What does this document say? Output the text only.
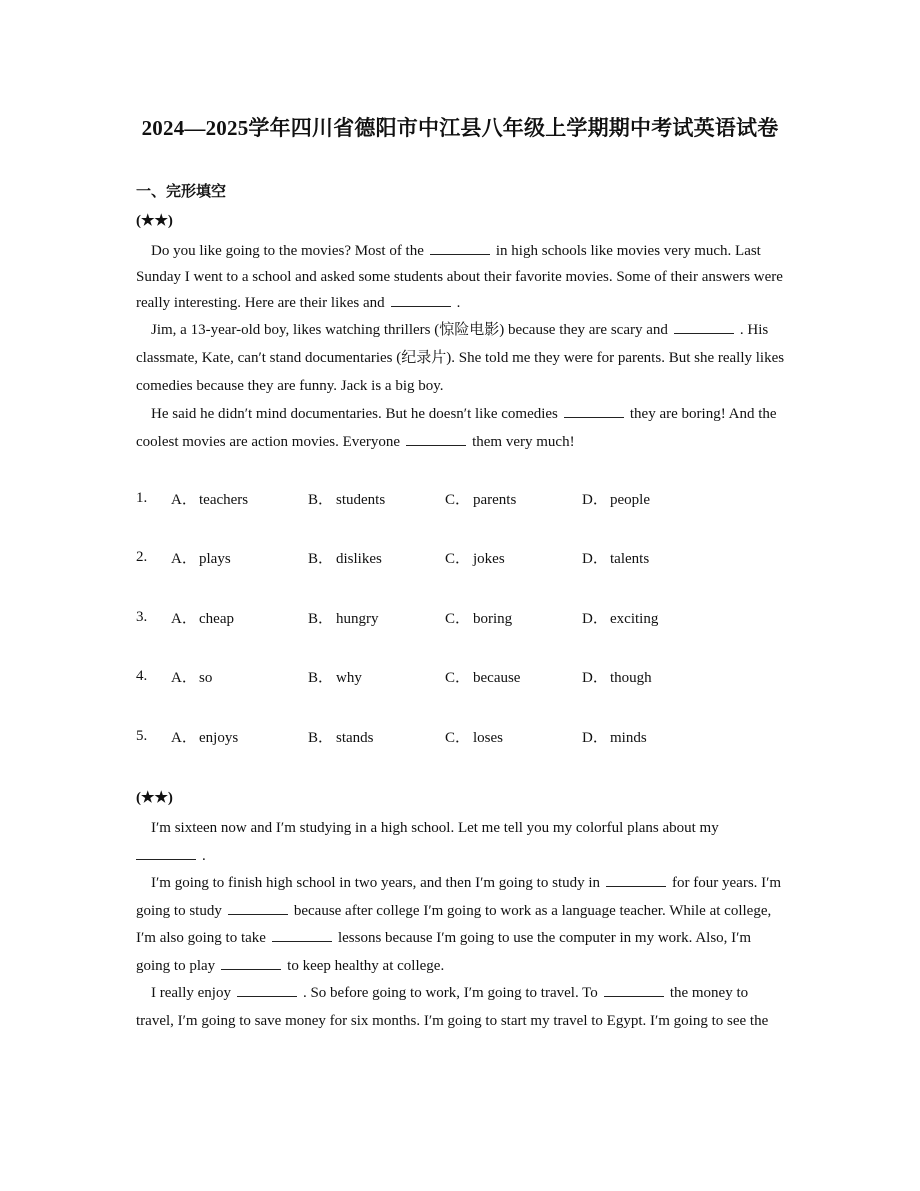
2024—2025学年四川省德阳市中江县八年级上学期期中考试英语试卷
一、完形填空
(★★)
Do you like going to the movies? Most of the	in high schools like movies very much. Last Sunday I went to a school and asked some students about their favorite movies. Some of their answers were really interesting. Here are their likes and	.
Jim, a 13-year-old boy, likes watching thrillers (惊险电影) because they are scary and	. His classmate, Kate, can′t stand documentaries (纪录片). She told me they were for parents. But she really likes comedies because they are funny. Jack is a big boy.
He said he didn′t mind documentaries. But he doesn′t like comedies	they are boring! And the coolest movies are action movies. Everyone	them very much!
1. A． teachers	B． students	C． parents	D． people
2. A． plays	B． dislikes	C． jokes	D． talents
3. A． cheap	B． hungry	C． boring	D． exciting
4. A． so	B． why	C． because	D． though
5. A． enjoys	B． stands	C． loses	D． minds
(★★)
I′m sixteen now and I′m studying in a high school. Let me tell you my colorful plans about my .
I′m going to finish high school in two years, and then I′m going to study in	for four years. I′m going to study	because after college I′m going to work as a language teacher. While at college, I′m also going to take	lessons because I′m going to use the computer in my work. Also, I′m going to play	to keep healthy at college.
I really enjoy	. So before going to work, I′m going to travel. To	the money to travel, I′m going to save money for six months. I′m going to start my travel to Egypt. I′m going to see the
